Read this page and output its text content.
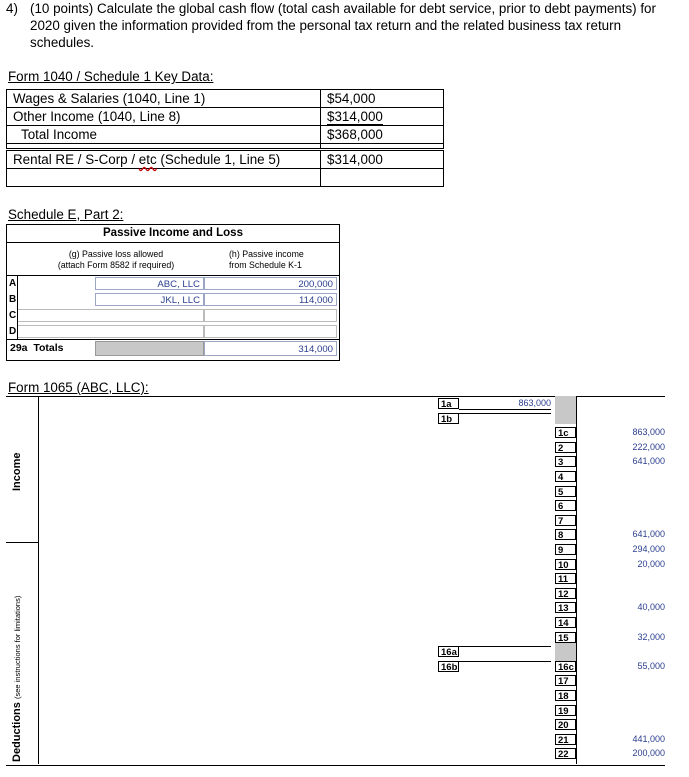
4) (10 points) Calculate the global cash flow (total cash available for debt service, prior to debt payments) for 2020 given the information provided from the personal tax return and the related business tax return schedules.
Form 1040 / Schedule 1 Key Data:
Wages & Salaries (1040, Line 1)	$54,000
Other Income (1040, Line 8)	$314,000
Total Income	$368,000

Rental RE / S-Corp / etc (Schedule 1, Line 5)	$314,000

Schedule E, Part 2:
Passive Income and Loss
(g) Passive loss allowed
(attach Form 8582 if required)
(h) Passive income
from Schedule K-1
A	ABC, LLC	200,000
B	JKL, LLC	114,000
C
D
29a  Totals	314,000
Form 1065 (ABC, LLC):
Income
Deductions (see instructions for limitations)
1a	863,000
1b
1c	863,000
2	222,000
3	641,000
4
5
6
7
8	641,000
9	294,000
10	20,000
11
12
13	40,000
14
15	32,000
16a
16b	16c	55,000
17
18
19
20
21	441,000
22	200,000
